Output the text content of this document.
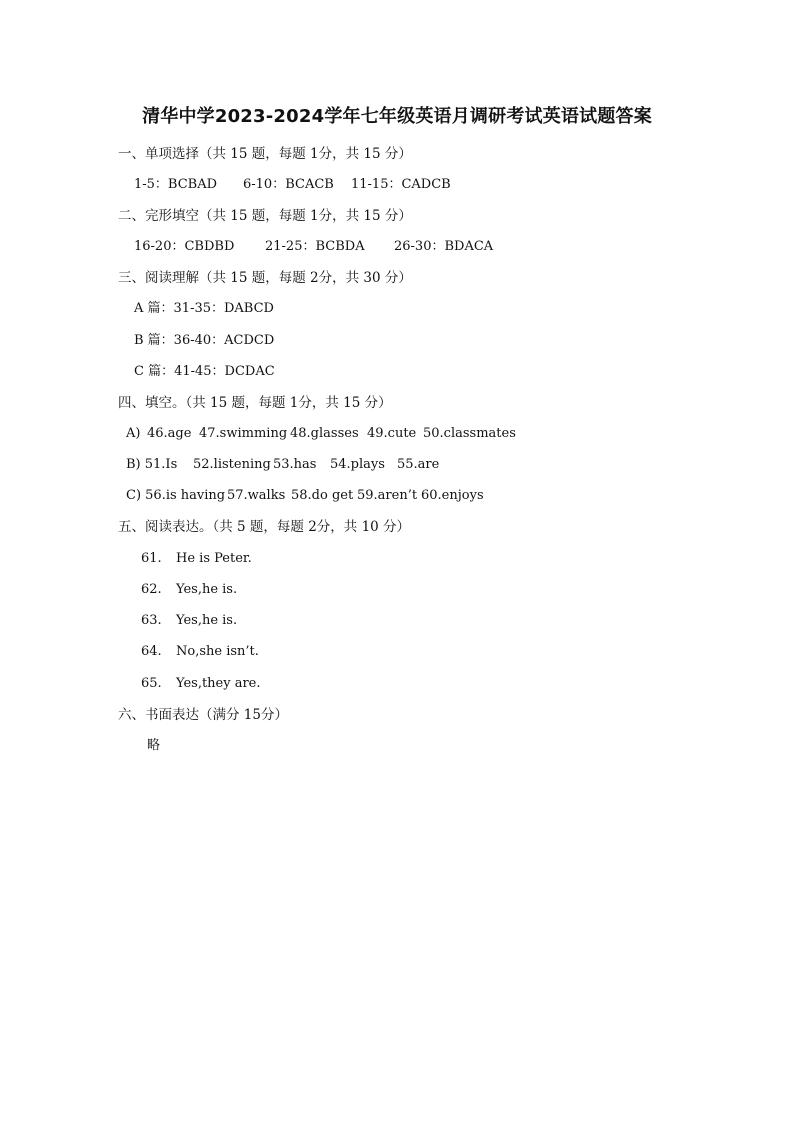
清华中学2023-2024学年七年级英语月调研考试英语试题答案
一、单项选择（共 15 题，每题 1分，共 15 分）
1-5：BCBAD 6-10：BCACB 11-15：CADCB
二、完形填空（共 15 题，每题 1分，共 15 分）
16-20：CBDBD 21-25：BCBDA 26-30：BDACA
三、阅读理解（共 15 题，每题 2分，共 30 分）
A 篇：31-35：DABCD
B 篇：36-40：ACDCD
C 篇：41-45：DCDAC
四、填空。（共 15 题，每题 1分，共 15 分）
A) 46.age 47.swimming 48.glasses 49.cute 50.classmates
B) 51.Is 52.listening 53.has 54.plays 55.are
C) 56.is having 57.walks 58.do get 59.aren’t 60.enjoys
五、阅读表达。（共 5 题，每题 2分，共 10 分）
61. He is Peter.
62. Yes,he is.
63. Yes,he is.
64. No,she isn’t.
65. Yes,they are.
六、书面表达（满分 15分）
略
